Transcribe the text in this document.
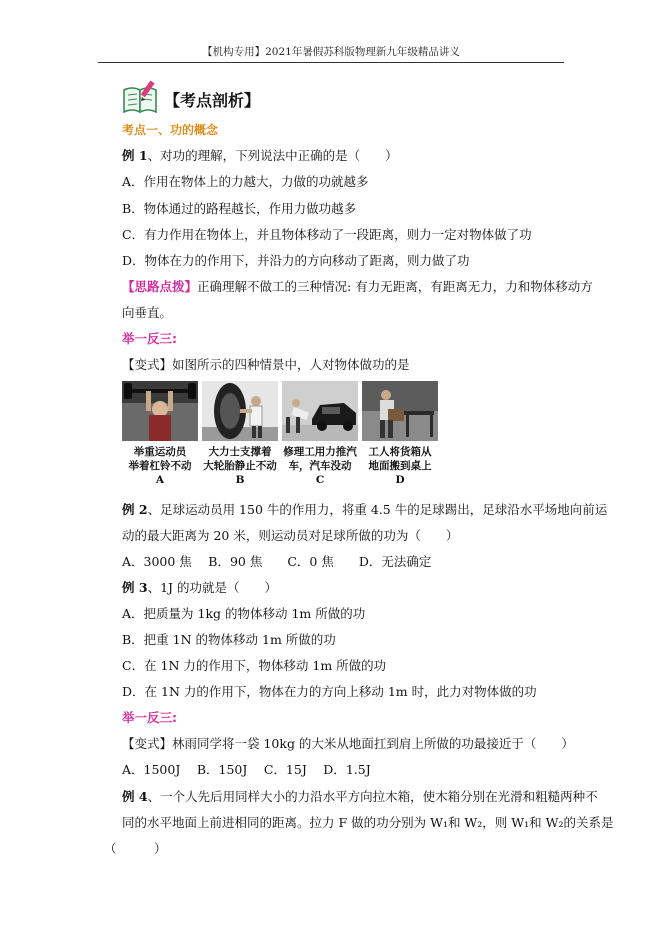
【机构专用】2021年暑假苏科版物理新九年级精品讲义
【考点剖析】
考点一、功的概念
例 1、对功的理解，下列说法中正确的是（　　）
A．作用在物体上的力越大，力做的功就越多
B．物体通过的路程越长，作用力做功越多
C．有力作用在物体上，并且物体移动了一段距离，则力一定对物体做了功
D．物体在力的作用下，并沿力的方向移动了距离，则力做了功
【思路点拨】正确理解不做工的三种情况: 有力无距离，有距离无力，力和物体移动方
向垂直。
举一反三:
【变式】如图所示的四种情景中，人对物体做功的是
举重运动员
举着杠铃不动
A
大力士支撑着
大轮胎静止不动
B
修理工用力推汽
车，汽车没动
C
工人将货箱从
地面搬到桌上
D
例 2、足球运动员用 150 牛的作用力，将重 4.5 牛的足球踢出，足球沿水平场地向前运
动的最大距离为 20 米，则运动员对足球所做的功为（　　）
A．3000 焦　 B．90 焦　　C．0 焦　　D．无法确定
例 3、1J 的功就是（　　）
A．把质量为 1kg 的物体移动 1m 所做的功
B．把重 1N 的物体移动 1m 所做的功
C．在 1N 力的作用下，物体移动 1m 所做的功
D．在 1N 力的作用下，物体在力的方向上移动 1m 时，此力对物体做的功
举一反三:
【变式】林雨同学将一袋 10kg 的大米从地面扛到肩上所做的功最接近于（　　）
A．1500J　 B．150J　 C．15J　 D．1.5J
例 4、一个人先后用同样大小的力沿水平方向拉木箱，使木箱分别在光滑和粗糙两种不
同的水平地面上前进相同的距离。拉力 F 做的功分别为 W₁和 W₂，则 W₁和 W₂的关系是
（　　　）
